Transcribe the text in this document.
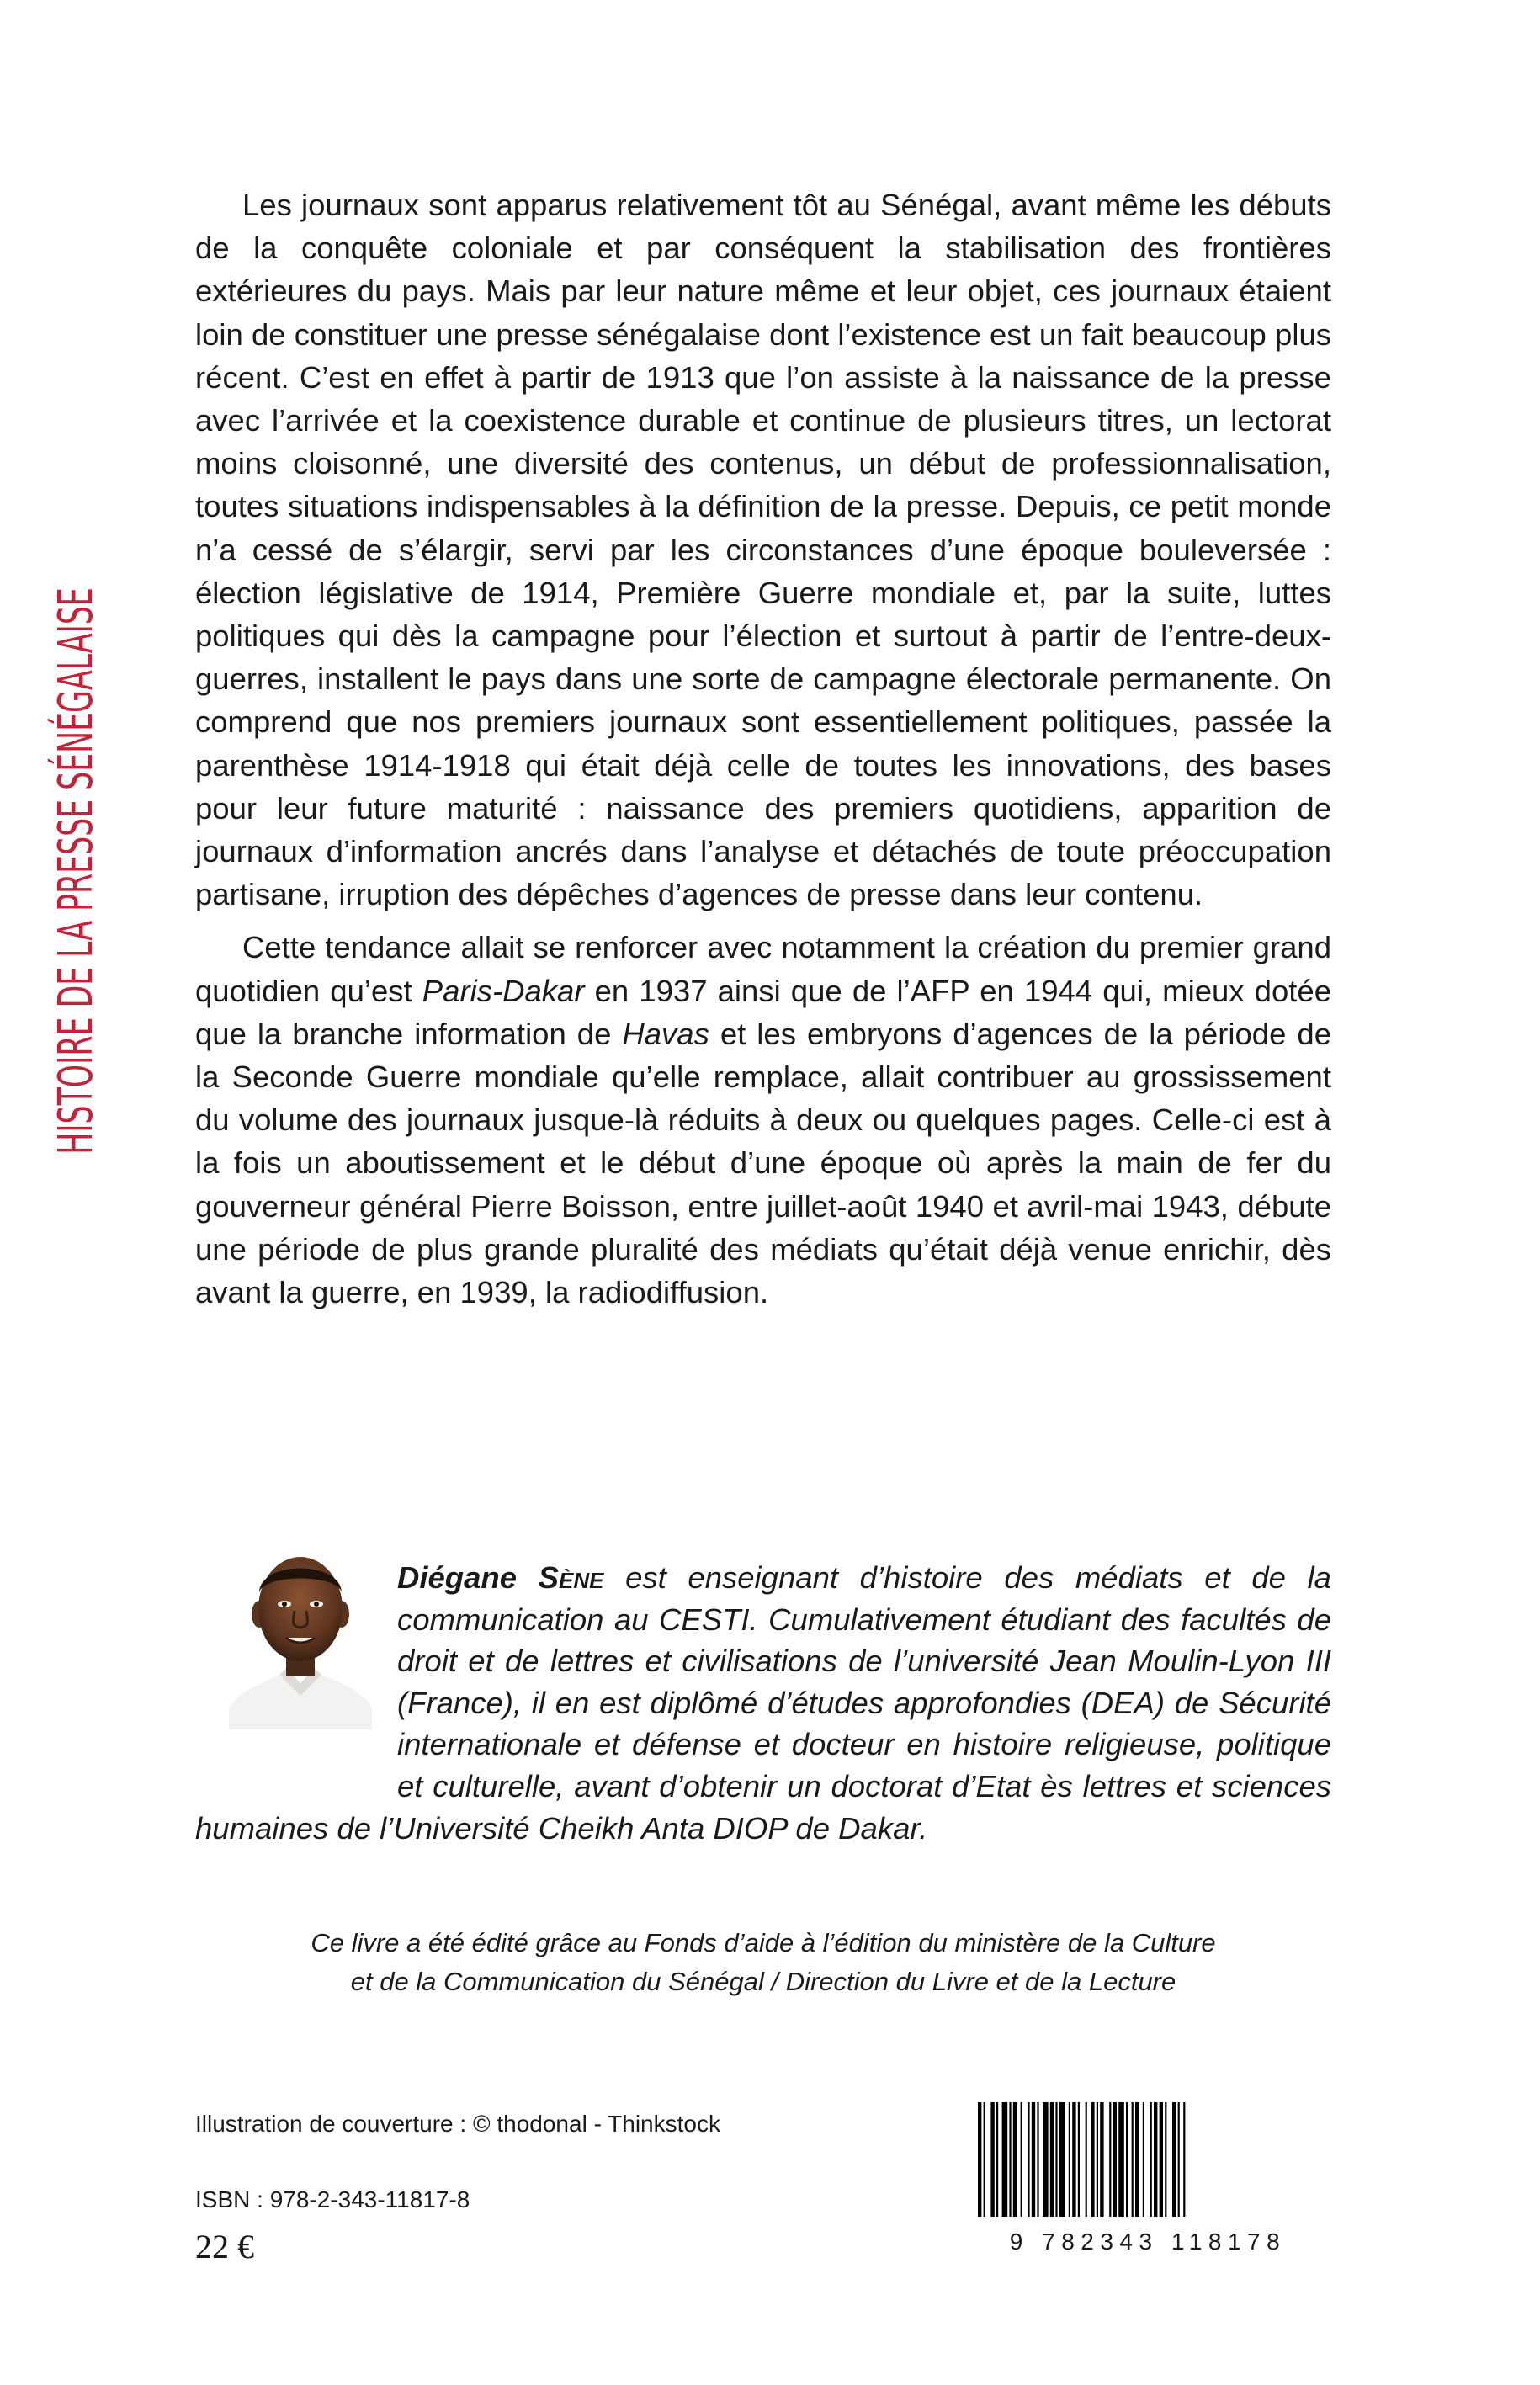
HISTOIRE DE LA PRESSE SÉNÉGALAISE

Les journaux sont apparus relativement tôt au Sénégal, avant même les débuts de la conquête coloniale et par conséquent la stabilisation des frontières extérieures du pays. Mais par leur nature même et leur objet, ces journaux étaient loin de constituer une presse sénégalaise dont l’existence est un fait beaucoup plus récent. C’est en effet à partir de 1913 que l’on assiste à la naissance de la presse avec l’arrivée et la coexistence durable et continue de plusieurs titres, un lectorat moins cloisonné, une diversité des contenus, un début de professionnalisation, toutes situations indispensables à la définition de la presse. Depuis, ce petit monde n’a cessé de s’élargir, servi par les circonstances d’une époque bouleversée : élection législative de 1914, Première Guerre mondiale et, par la suite, luttes politiques qui dès la campagne pour l’élection et surtout à partir de l’entre-deux-guerres, installent le pays dans une sorte de campagne électorale permanente. On comprend que nos premiers journaux sont essentiellement politiques, passée la parenthèse 1914-1918 qui était déjà celle de toutes les innovations, des bases pour leur future maturité : naissance des premiers quotidiens, apparition de journaux d’information ancrés dans l’analyse et détachés de toute préoccupation partisane, irruption des dépêches d’agences de presse dans leur contenu.

Cette tendance allait se renforcer avec notamment la création du premier grand quotidien qu’est Paris-Dakar en 1937 ainsi que de l’AFP en 1944 qui, mieux dotée que la branche information de Havas et les embryons d’agences de la période de la Seconde Guerre mondiale qu’elle remplace, allait contribuer au grossissement du volume des journaux jusque-là réduits à deux ou quelques pages. Celle-ci est à la fois un aboutissement et le début d’une époque où après la main de fer du gouverneur général Pierre Boisson, entre juillet-août 1940 et avril-mai 1943, débute une période de plus grande pluralité des médiats qu’était déjà venue enrichir, dès avant la guerre, en 1939, la radiodiffusion.

Diégane Sène est enseignant d’histoire des médiats et de la communication au CESTI. Cumulativement étudiant des facultés de droit et de lettres et civilisations de l’université Jean Moulin-Lyon III (France), il en est diplômé d’études approfondies (DEA) de Sécurité internationale et défense et docteur en histoire religieuse, politique et culturelle, avant d’obtenir un doctorat d’Etat ès lettres et sciences humaines de l’Université Cheikh Anta DIOP de Dakar.
Ce livre a été édité grâce au Fonds d’aide à l’édition du ministère de la Culture
et de la Communication du Sénégal / Direction du Livre et de la Lecture
Illustration de couverture : © thodonal - Thinkstock
ISBN : 978-2-343-11817-8
22 €	9 782343 118178
